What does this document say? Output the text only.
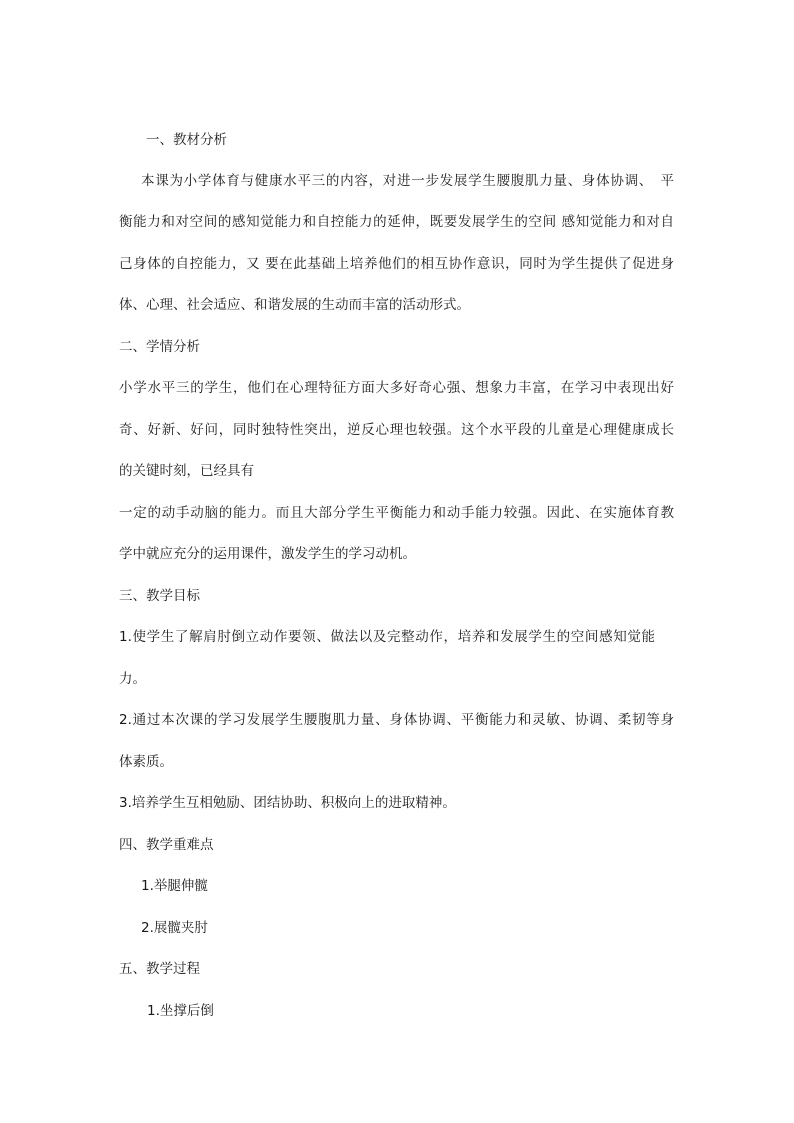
一、教材分析

本课为小学体育与健康水平三的内容，对进一步发展学生腰腹肌力量、身体协调、　平

衡能力和对空间的感知觉能力和自控能力的延伸，既要发展学生的空间 感知觉能力和对自

己身体的自控能力，又 要在此基础上培养他们的相互协作意识，同时为学生提供了促进身

体、心理、社会适应、和谐发展的生动而丰富的活动形式。

二、学情分析

小学水平三的学生，他们在心理特征方面大多好奇心强、想象力丰富，在学习中表现出好

奇、好新、好问，同时独特性突出，逆反心理也较强。这个水平段的儿童是心理健康成长

的关键时刻，已经具有

一定的动手动脑的能力。而且大部分学生平衡能力和动手能力较强。因此、在实施体育教

学中就应充分的运用课件，激发学生的学习动机。

三、教学目标

1.使学生了解肩肘倒立动作要领、做法以及完整动作，培养和发展学生的空间感知觉能

力。

2.通过本次课的学习发展学生腰腹肌力量、身体协调、平衡能力和灵敏、协调、柔韧等身

体素质。

3.培养学生互相勉励、团结协助、积极向上的进取精神。

四、教学重难点

1.举腿伸髋

2.展髋夹肘

五、教学过程

1.坐撑后倒
